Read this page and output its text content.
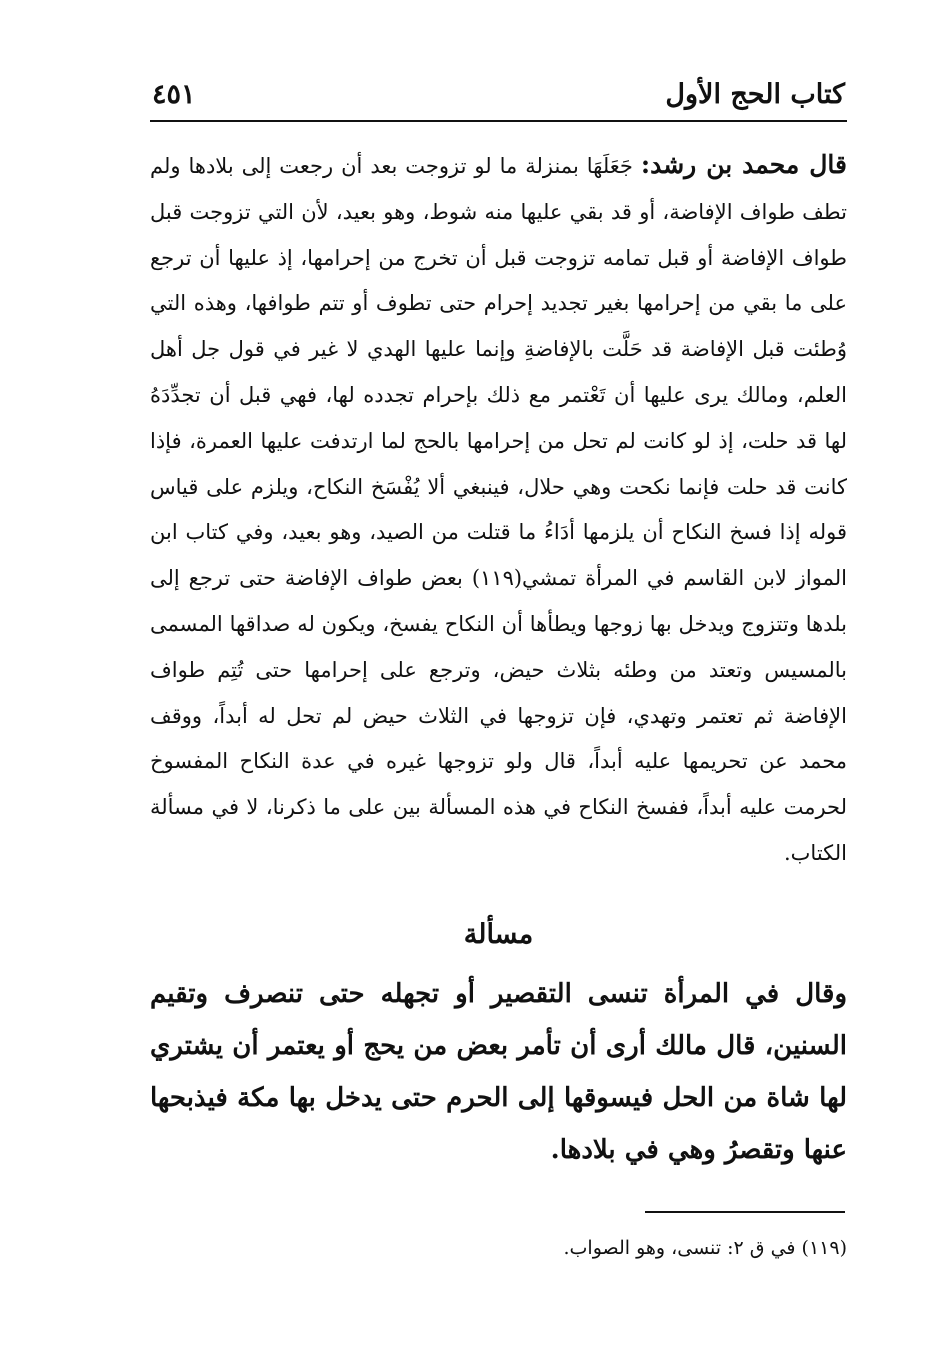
كتاب الحج الأول
٤٥١
قال محمد بن رشد: جَعَلَهَا بمنزلة ما لو تزوجت بعد أن رجعت إلى بلادها ولم تطف طواف الإفاضة، أو قد بقي عليها منه شوط، وهو بعيد، لأن التي تزوجت قبل طواف الإفاضة أو قبل تمامه تزوجت قبل أن تخرج من إحرامها، إذ عليها أن ترجع على ما بقي من إحرامها بغير تجديد إحرام حتى تطوف أو تتم طوافها، وهذه التي وُطئت قبل الإفاضة قد حَلَّت بالإفاضةِ وإنما عليها الهدي لا غير في قول جل أهل العلم، ومالك يرى عليها أن تَعْتمر مع ذلك بإحرام تجدده لها، فهي قبل أن تجدِّدَهُ لها قد حلت، إذ لو كانت لم تحل من إحرامها بالحج لما ارتدفت عليها العمرة، فإذا كانت قد حلت فإنما نكحت وهي حلال، فينبغي ألا يُفْسَخ النكاح، ويلزم على قياس قوله إذا فسخ النكاح أن يلزمها أدَاءُ ما قتلت من الصيد، وهو بعيد، وفي كتاب ابن المواز لابن القاسم في المرأة تمشي(١١٩) بعض طواف الإفاضة حتى ترجع إلى بلدها وتتزوج ويدخل بها زوجها ويطأها أن النكاح يفسخ، ويكون له صداقها المسمى بالمسيس وتعتد من وطئه بثلاث حيض، وترجع على إحرامها حتى تُتِم طواف الإفاضة ثم تعتمر وتهدي، فإن تزوجها في الثلاث حيض لم تحل له أبداً، ووقف محمد عن تحريمها عليه أبداً، قال ولو تزوجها غيره في عدة النكاح المفسوخ لحرمت عليه أبداً، ففسخ النكاح في هذه المسألة بين على ما ذكرنا، لا في مسألة الكتاب.
مسألة
وقال في المرأة تنسى التقصير أو تجهله حتى تنصرف وتقيم السنين، قال مالك أرى أن تأمر بعض من يحج أو يعتمر أن يشتري لها شاة من الحل فيسوقها إلى الحرم حتى يدخل بها مكة فيذبحها عنها وتقصرُ وهي في بلادها.
(١١٩) في ق ٢: تنسى، وهو الصواب.
